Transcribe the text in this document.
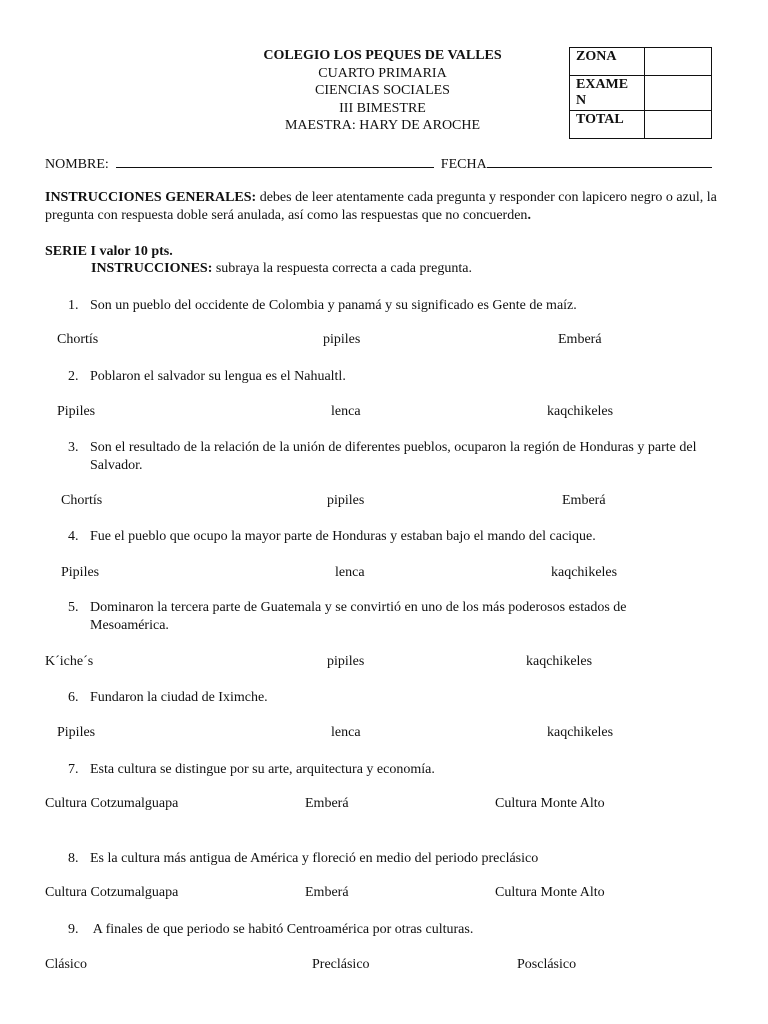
COLEGIO LOS PEQUES DE VALLES
CUARTO PRIMARIA
CIENCIAS SOCIALES
III BIMESTRE
MAESTRA: HARY DE AROCHE
ZONA	
EXAME
N	
TOTAL	
NOMBRE:	FECHA
INSTRUCCIONES GENERALES: debes de leer atentamente cada pregunta y responder con lapicero negro o azul, la pregunta con respuesta doble será anulada, así como las respuestas que no concuerden.
SERIE I valor 10 pts.
INSTRUCCIONES: subraya la respuesta correcta a cada pregunta.
1. Son un pueblo del occidente de Colombia y panamá y su significado es Gente de maíz.
Chortís	pipiles	Emberá
2. Poblaron el salvador su lengua es el Nahualtl.
Pipiles	lenca	kaqchikeles
3. Son el resultado de la relación de la unión de diferentes pueblos, ocuparon la región de Honduras y parte del Salvador.
Chortís	pipiles	Emberá
4. Fue el pueblo que ocupo la mayor parte de Honduras y estaban bajo el mando del cacique.
Pipiles	lenca	kaqchikeles
5. Dominaron la tercera parte de Guatemala y se convirtió en uno de los más poderosos estados de Mesoamérica.
K´iche´s	pipiles	kaqchikeles
6. Fundaron la ciudad de Iximche.
Pipiles	lenca	kaqchikeles
7. Esta cultura se distingue por su arte, arquitectura y economía.
Cultura Cotzumalguapa	Emberá	Cultura Monte Alto
8. Es la cultura más antigua de América y floreció en medio del periodo preclásico
Cultura Cotzumalguapa	Emberá	Cultura Monte Alto
9. A finales de que periodo se habitó Centroamérica por otras culturas.
Clásico	Preclásico	Posclásico
